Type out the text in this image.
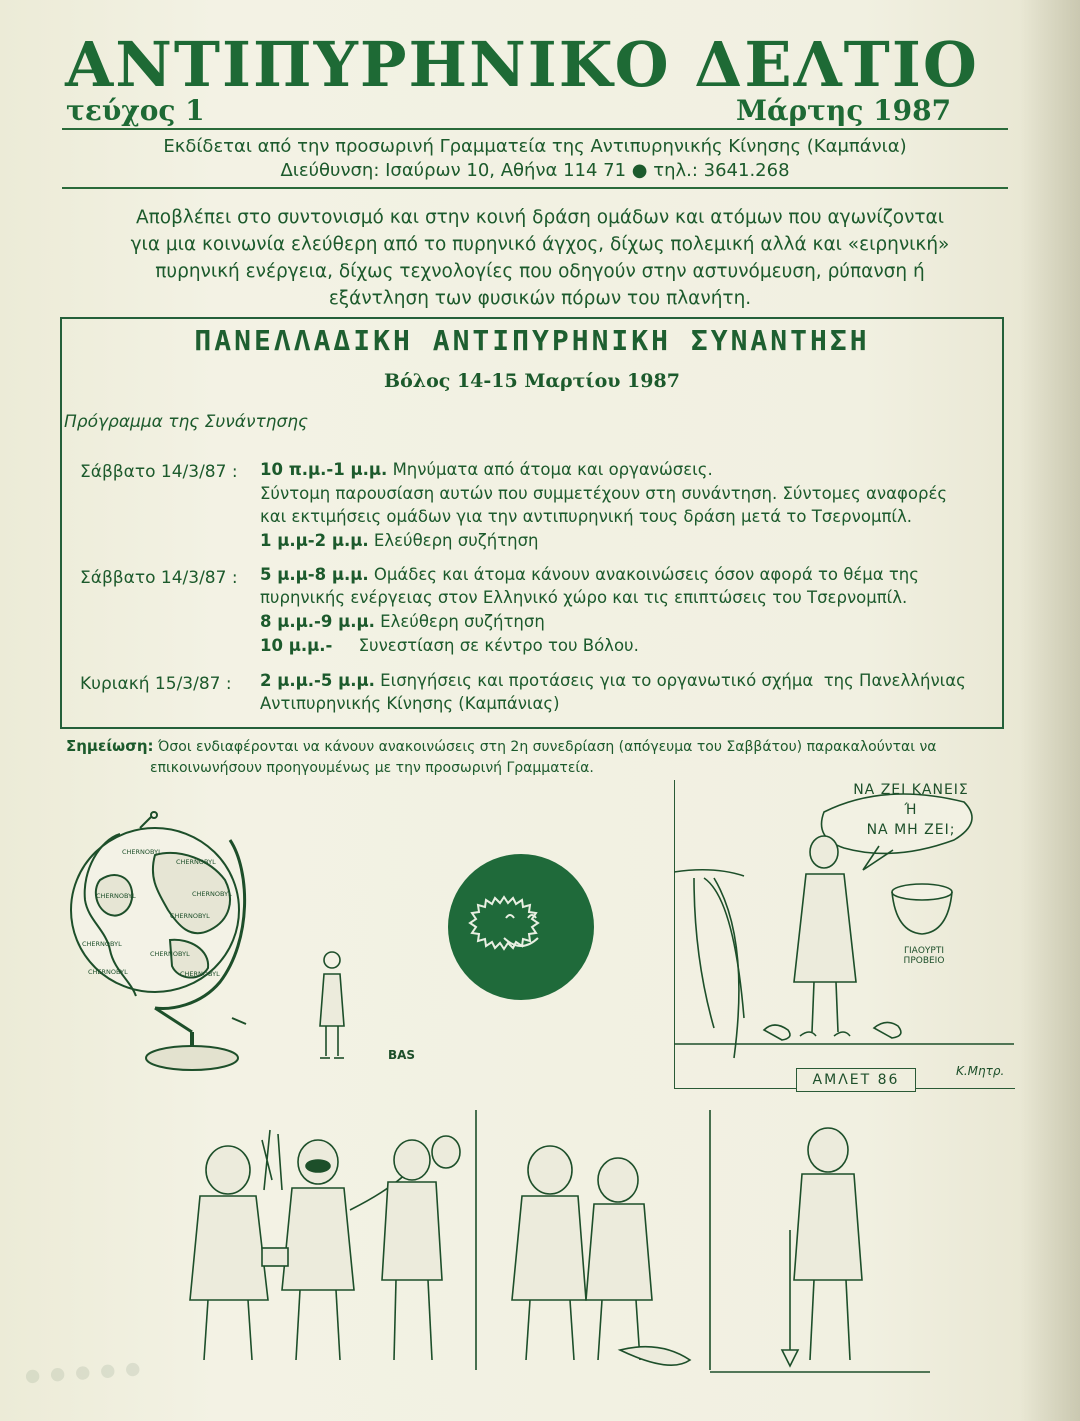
·····
ΑΝΤΙΠΥΡΗΝΙΚΟ ΔΕΛΤΙΟ
τεύχος 1	Μάρτης 1987
Εκδίδεται από την προσωρινή Γραμματεία της Αντιπυρηνικής Κίνησης (Καμπάνια)
Διεύθυνση: Ισαύρων 10, Αθήνα 114 71 ● τηλ.: 3641.268
Αποβλέπει στο συντονισμό και στην κοινή δράση ομάδων και ατόμων που αγωνίζονται
για μια κοινωνία ελεύθερη από το πυρηνικό άγχος, δίχως πολεμική αλλά και «ειρηνική»
πυρηνική ενέργεια, δίχως τεχνολογίες που οδηγούν στην αστυνόμευση, ρύπανση ή
εξάντληση των φυσικών πόρων του πλανήτη.
ΠΑΝΕΛΛΑΔΙΚΗ ΑΝΤΙΠΥΡΗΝΙΚΗ ΣΥΝΑΝΤΗΣΗ
Βόλος 14-15 Μαρτίου 1987
Πρόγραμμα της Συνάντησης
Σάββατο 14/3/87 : 10 π.μ.-1 μ.μ. Μηνύματα από άτομα και οργανώσεις.
Σύντομη παρουσίαση αυτών που συμμετέχουν στη συνάντηση. Σύντομες αναφορές
και εκτιμήσεις ομάδων για την αντιπυρηνική τους δράση μετά το Τσερνομπίλ.
1 μ.μ-2 μ.μ. Ελεύθερη συζήτηση
Σάββατο 14/3/87 : 5 μ.μ-8 μ.μ. Ομάδες και άτομα κάνουν ανακοινώσεις όσον αφορά το θέμα της
πυρηνικής ενέργειας στον Ελληνικό χώρο και τις επιπτώσεις του Τσερνομπίλ.
8 μ.μ.-9 μ.μ. Ελεύθερη συζήτηση
10 μ.μ.-     Συνεστίαση σε κέντρο του Βόλου.
Κυριακή 15/3/87 : 2 μ.μ.-5 μ.μ. Εισηγήσεις και προτάσεις για το οργανωτικό σχήμα  της Πανελλήνιας
Αντιπυρηνικής Κίνησης (Καμπάνιας)
Σημείωση: Όσοι ενδιαφέρονται να κάνουν ανακοινώσεις στη 2η συνεδρίαση (απόγευμα του Σαββάτου) παρακαλούνται να
επικοινωνήσουν προηγουμένως με την προσωρινή Γραμματεία.
CHERNOBYL
CHERNOBYL
CHERNOBYL	CHERNOBYL
CHERNOBYL
CHERNOBYL
CHERNOBYL
CHERNOBYL	CHERNOBYL
BAS
ΝΑ ΖΕΙ ΚΑΝΕΙΣ
Ή
ΝΑ ΜΗ ΖΕΙ;
ΓΙΑΟΥΡΤΙ ΠΡΟΒΕΙΟ
ΑΜΛΕΤ 86
Κ.Μητρ.
